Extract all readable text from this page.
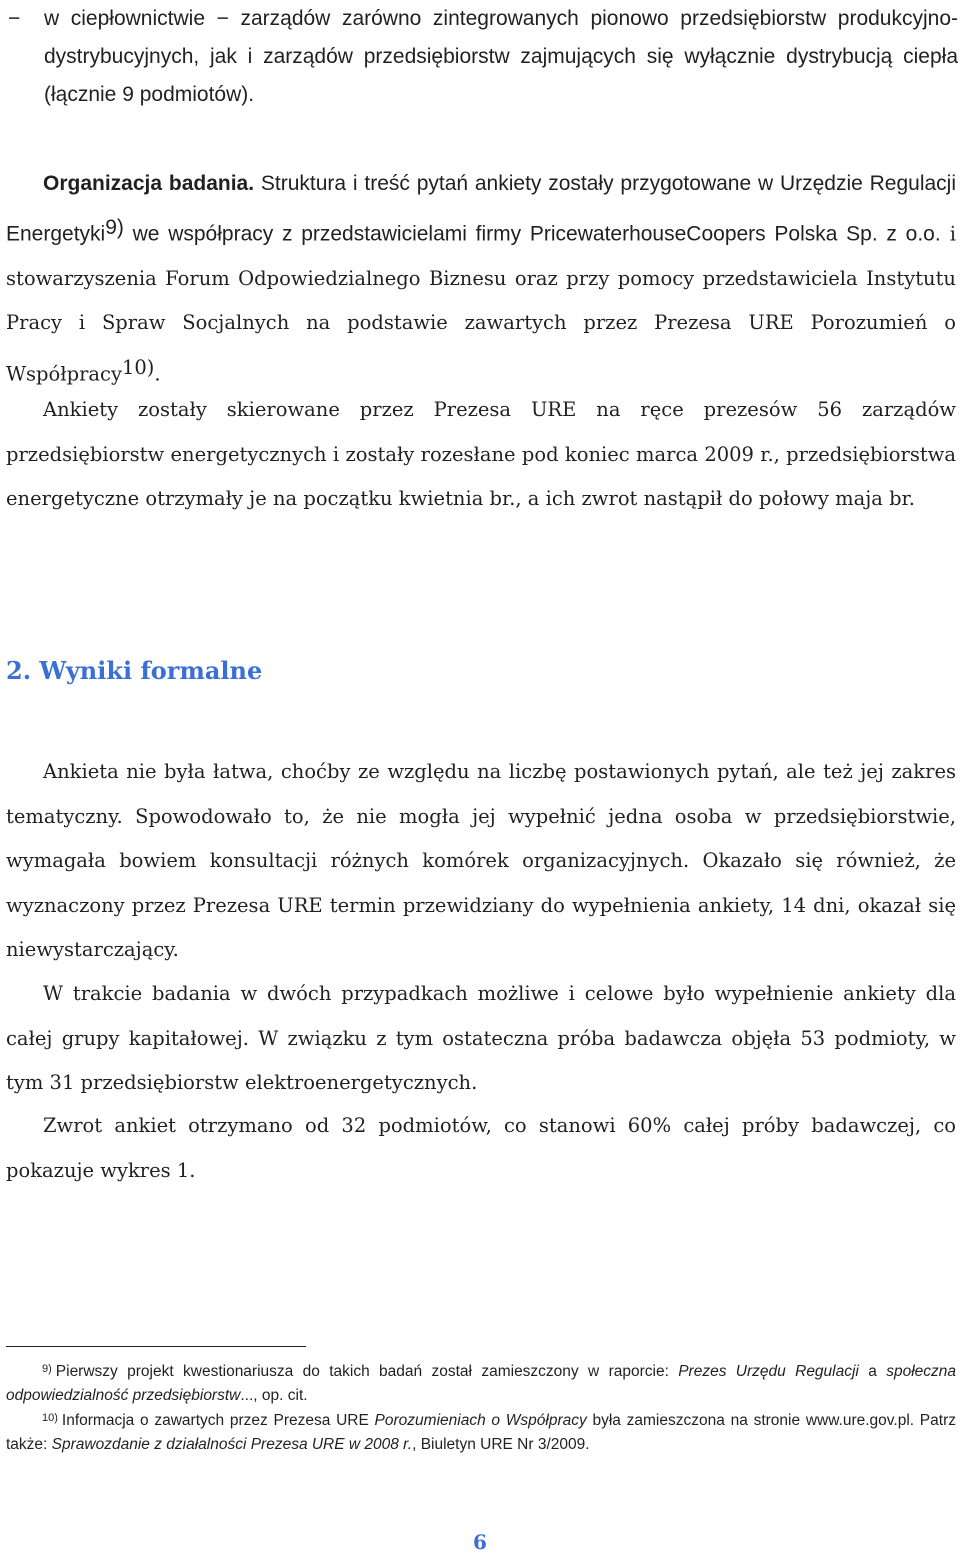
− w ciepłownictwie − zarządów zarówno zintegrowanych pionowo przedsiębiorstw produkcyjno-dystrybucyjnych, jak i zarządów przedsiębiorstw zajmujących się wyłącznie dystrybucją ciepła (łącznie 9 podmiotów).
Organizacja badania. Struktura i treść pytań ankiety zostały przygotowane w Urzędzie Regulacji Energetyki$^{9)}$ we współpracy z przedstawicielami firmy PricewaterhouseCoopers Polska Sp. z o.o. i stowarzyszenia Forum Odpowiedzialnego Biznesu oraz przy pomocy przedstawiciela Instytutu Pracy i Spraw Socjalnych na podstawie zawartych przez Prezesa URE Porozumień o Współpracy$^{10)}$.
Ankiety zostały skierowane przez Prezesa URE na ręce prezesów 56 zarządów przedsiębiorstw energetycznych i zostały rozesłane pod koniec marca 2009 r., przedsiębiorstwa energetyczne otrzymały je na początku kwietnia br., a ich zwrot nastąpił do połowy maja br.
2. Wyniki formalne
Ankieta nie była łatwa, choćby ze względu na liczbę postawionych pytań, ale też jej zakres tematyczny. Spowodowało to, że nie mogła jej wypełnić jedna osoba w przedsiębiorstwie, wymagała bowiem konsultacji różnych komórek organizacyjnych. Okazało się również, że wyznaczony przez Prezesa URE termin przewidziany do wypełnienia ankiety, 14 dni, okazał się niewystarczający.
W trakcie badania w dwóch przypadkach możliwe i celowe było wypełnienie ankiety dla całej grupy kapitałowej. W związku z tym ostateczna próba badawcza objęła 53 podmioty, w tym 31 przedsiębiorstw elektroenergetycznych.
Zwrot ankiet otrzymano od 32 podmiotów, co stanowi 60% całej próby badawczej, co pokazuje wykres 1.
9) Pierwszy projekt kwestionariusza do takich badań został zamieszczony w raporcie: Prezes Urzędu Regulacji a społeczna odpowiedzialność przedsiębiorstw..., op. cit.
10) Informacja o zawartych przez Prezesa URE Porozumieniach o Współpracy była zamieszczona na stronie www.ure.gov.pl. Patrz także: Sprawozdanie z działalności Prezesa URE w 2008 r., Biuletyn URE Nr 3/2009.
6
